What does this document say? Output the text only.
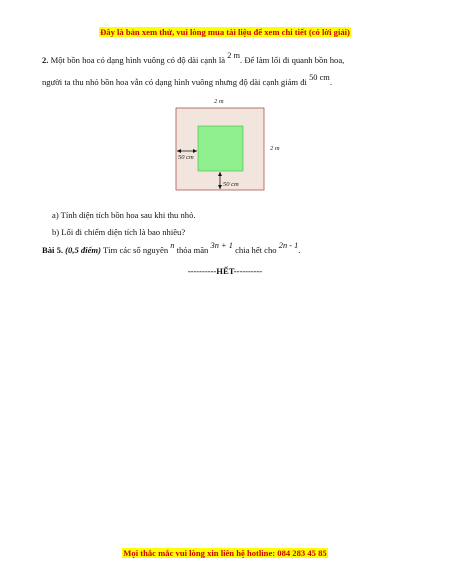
Đây là bản xem thử, vui lòng mua tài liệu để xem chi tiết (có lời giải)
2. Một bồn hoa có dạng hình vuông có độ dài cạnh là 2 m. Để làm lối đi quanh bồn hoa,
người ta thu nhỏ bồn hoa vẫn có dạng hình vuông nhưng độ dài cạnh giảm đi 50 cm.
2 m
2 m
50 cm
50 cm
a) Tính diện tích bồn hoa sau khi thu nhỏ.
b) Lối đi chiếm diện tích là bao nhiêu?
Bài 5. (0,5 điểm) Tìm các số nguyên n thỏa mãn 3n + 1 chia hết cho 2n - 1.
----------HẾT----------
Mọi thắc mắc vui lòng xin liên hệ hotline: 084 283 45 85
